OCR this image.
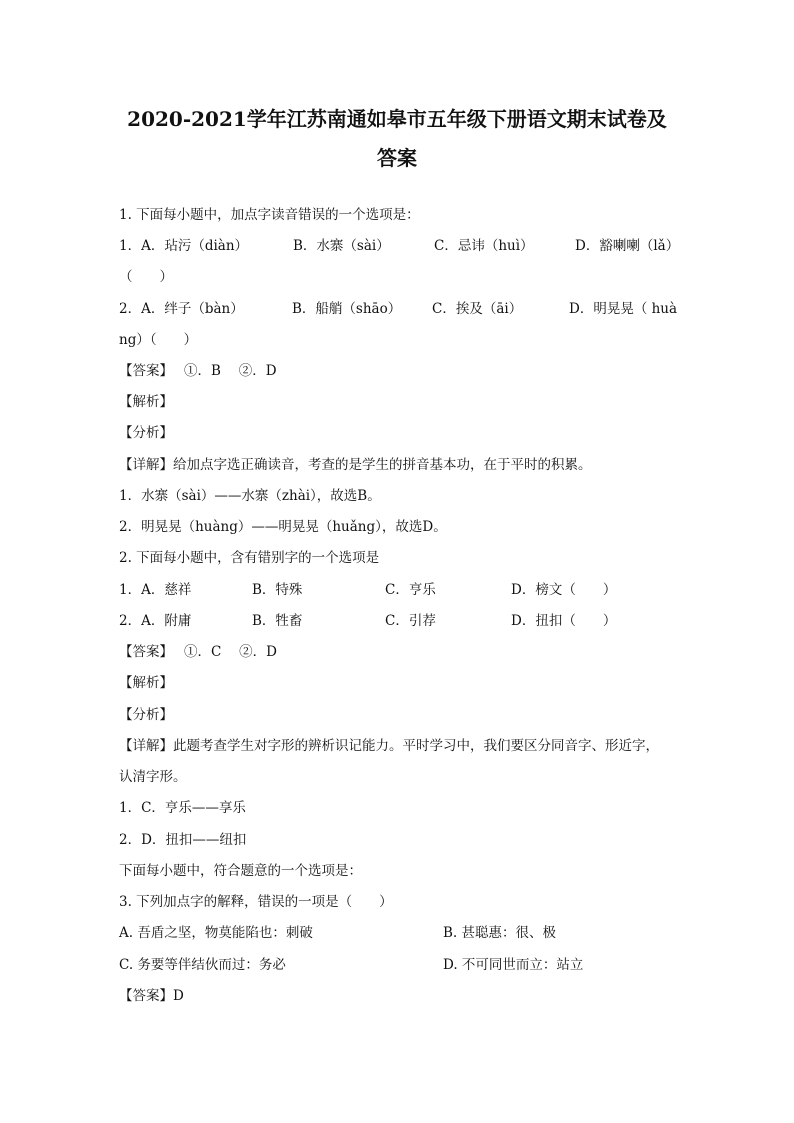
2020-2021学年江苏南通如皋市五年级下册语文期末试卷及
答案
1. 下面每小题中，加点字读音错误的一个选项是：
1．A．玷污（diàn）	B．水寨（sài）	C．忌讳（huì）	D．豁喇喇（lǎ）
（　　）
2．A．绊子（bàn）	B．船艄（shāo） C．挨及（āi）	D．明晃晃（ huà
ng）（　　）
【答案】　 ①．B　 ②．D
【解析】
【分析】
【详解】给加点字选正确读音，考查的是学生的拼音基本功，在于平时的积累。
1．水寨（sài）——水寨（zhài），故选B。
2．明晃晃（huàng）——明晃晃（huǎng），故选D。
2. 下面每小题中，含有错别字的一个选项是
1．A．慈祥	B．特殊	C．亨乐	D．榜文（　　）
2．A．附庸	B．牲畜	C．引荐	D．扭扣（　　）
【答案】　 ①．C　 ②．D
【解析】
【分析】
【详解】此题考查学生对字形的辨析识记能力。平时学习中，我们要区分同音字、形近字，
认清字形。
1．C．亨乐——享乐
2．D．扭扣——纽扣
下面每小题中，符合题意的一个选项是：
3. 下列加点字的解释，错误的一项是（　　）
A. 吾盾之坚，物莫能陷也：刺破	B. 甚聪惠：很、极
C. 务要等伴结伙而过：务必	D. 不可同世而立：站立
【答案】D
